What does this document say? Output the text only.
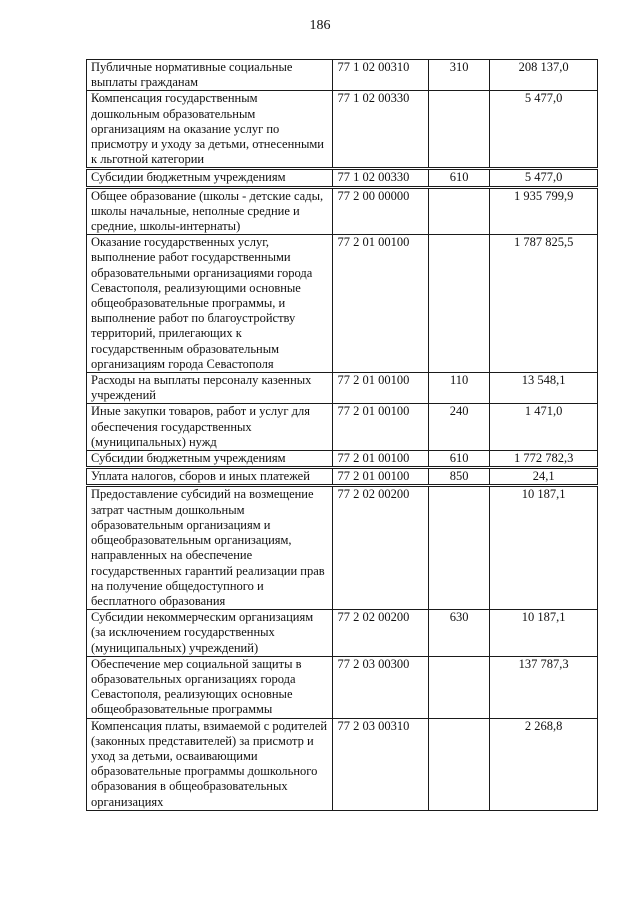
186
Публичные нормативные социальные выплаты гражданам	77 1 02 00310	310	208 137,0
Компенсация государственным дошкольным образовательным организациям на оказание услуг по присмотру и уходу за детьми, отнесенными к льготной категории	77 1 02 00330		5 477,0
Субсидии бюджетным учреждениям	77 1 02 00330	610	5 477,0
Общее образование (школы - детские сады, школы начальные, неполные средние и средние, школы-интернаты)	77 2 00 00000		1 935 799,9
Оказание государственных услуг, выполнение работ государственными образовательными организациями города Севастополя, реализующими основные общеобразовательные программы, и выполнение работ по благоустройству территорий, прилегающих к государственным образовательным организациям города Севастополя	77 2 01 00100		1 787 825,5
Расходы на выплаты персоналу казенных учреждений	77 2 01 00100	110	13 548,1
Иные закупки товаров, работ и услуг для обеспечения государственных (муниципальных) нужд	77 2 01 00100	240	1 471,0
Субсидии бюджетным учреждениям	77 2 01 00100	610	1 772 782,3
Уплата налогов, сборов и иных платежей	77 2 01 00100	850	24,1
Предоставление субсидий на возмещение затрат частным дошкольным образовательным организациям и общеобразовательным организациям, направленных на обеспечение государственных гарантий реализации прав на получение общедоступного и бесплатного образования	77 2 02 00200		10 187,1
Субсидии некоммерческим организациям (за исключением государственных (муниципальных) учреждений)	77 2 02 00200	630	10 187,1
Обеспечение мер социальной защиты в образовательных организациях города Севастополя, реализующих основные общеобразовательные программы	77 2 03 00300		137 787,3
Компенсация платы, взимаемой с родителей (законных представителей) за присмотр и уход за детьми, осваивающими образовательные программы дошкольного образования в общеобразовательных организациях	77 2 03 00310		2 268,8
